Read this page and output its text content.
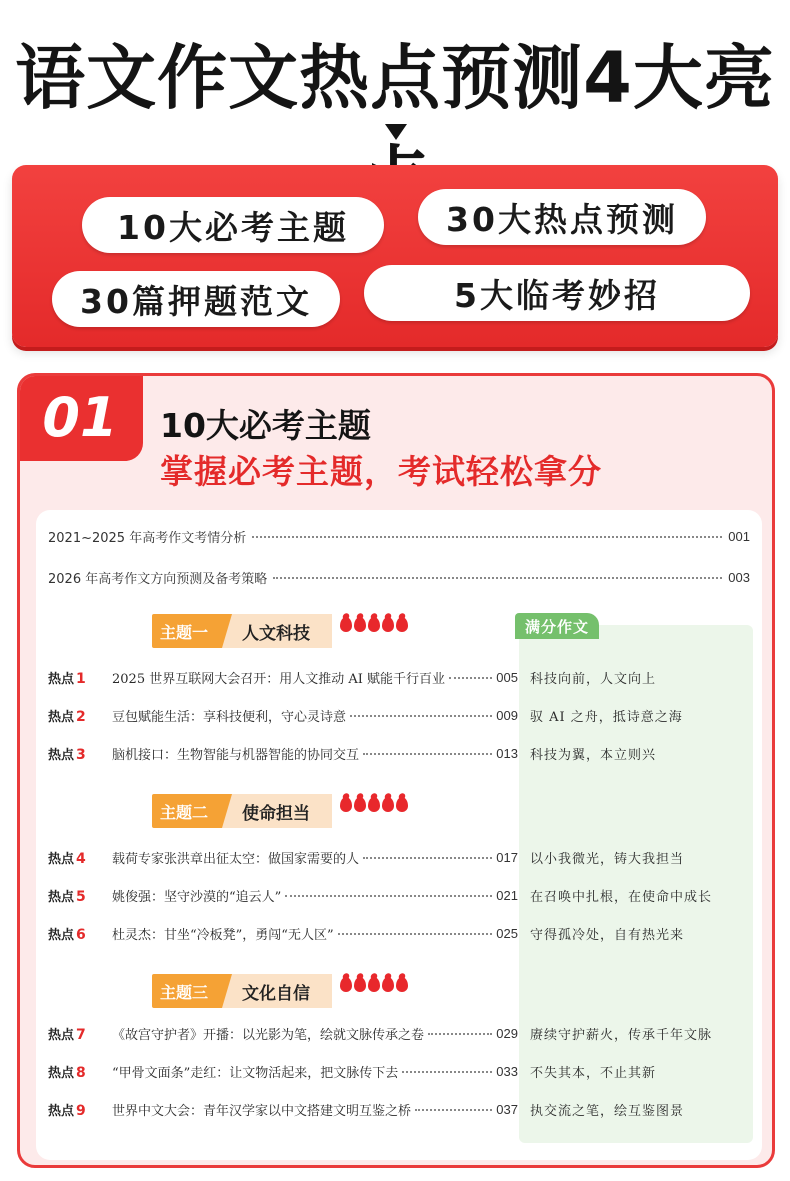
语文作文热点预测4大亮
10大必考主题	30大热点预测
30篇押题范文	5大临考妙招
01 10大必考主题
掌握必考主题，考试轻松拿分
2021~2025 年高考作文考情分析	001
2026 年高考作文方向预测及备考策略	003
满分作文
主题一	人文科技
热点 1	2025 世界互联网大会召开：用人文推动 AI 赋能千行百业	005 科技向前，人文向上
热点 2	豆包赋能生活：享科技便利，守心灵诗意	009 驭 AI 之舟，抵诗意之海
热点 3	脑机接口：生物智能与机器智能的协同交互	013 科技为翼，本立则兴
主题二	使命担当
热点 4	载荷专家张洪章出征太空：做国家需要的人	017 以小我微光，铸大我担当
热点 5	姚俊强：坚守沙漠的“追云人”	021 在召唤中扎根，在使命中成长
热点 6	杜灵杰：甘坐“冷板凳”，勇闯“无人区”	025 守得孤冷处，自有热光来
主题三	文化自信
热点 7	《故宫守护者》开播：以光影为笔，绘就文脉传承之卷	029 赓续守护薪火，传承千年文脉
热点 8	“甲骨文面条”走红：让文物活起来，把文脉传下去	033 不失其本，不止其新
热点 9	世界中文大会：青年汉学家以中文搭建文明互鉴之桥	037 执交流之笔，绘互鉴图景
